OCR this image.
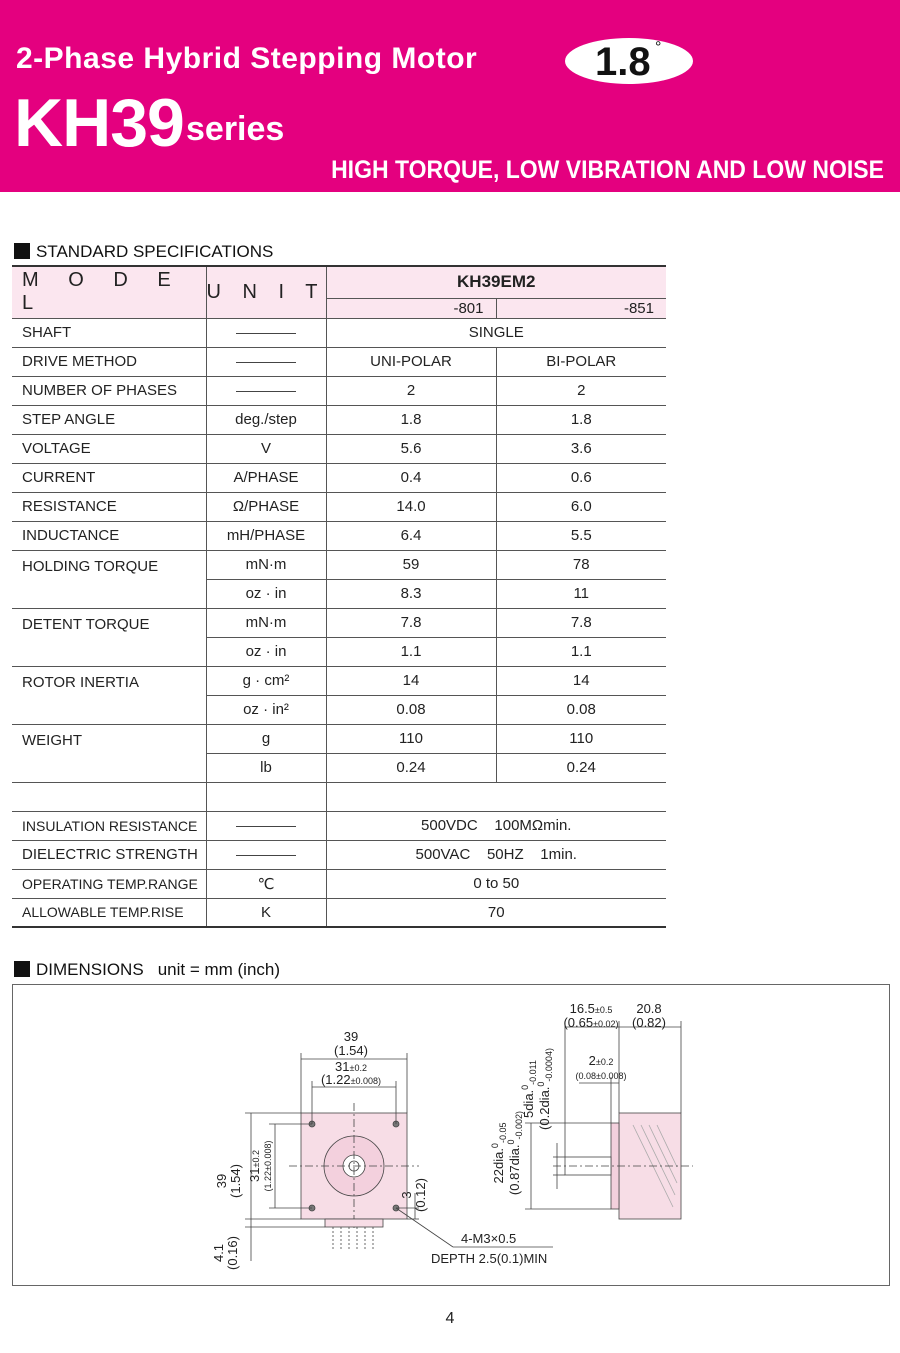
2-Phase Hybrid Stepping Motor	1.8 °
KH39 series
HIGH TORQUE, LOW VIBRATION AND LOW NOISE
STANDARD SPECIFICATIONS
M O D E L	U N I T	KH39EM2	
		-801	-851
SHAFT		SINGLE	
DRIVE METHOD		UNI-POLAR	BI-POLAR
NUMBER OF PHASES		2	2
STEP ANGLE	deg./step	1.8	1.8
VOLTAGE	V	5.6	3.6
CURRENT	A/PHASE	0.4	0.6
RESISTANCE	Ω/PHASE	14.0	6.0
INDUCTANCE	mH/PHASE	6.4	5.5
HOLDING TORQUE	mN·m	59	78
	oz · in	8.3	11
DETENT TORQUE	mN·m	7.8	7.8
	oz · in	1.1	1.1
ROTOR INERTIA	g · cm²	14	14
	oz · in²	0.08	0.08
WEIGHT	g	110	110
	lb	0.24	0.24

INSULATION RESISTANCE		500VDC    100MΩmin.	
DIELECTRIC STRENGTH		500VAC    50HZ    1min.	
OPERATING TEMP.RANGE	℃	0 to 50	
ALLOWABLE TEMP.RISE	K	70	
DIMENSIONS unit = mm (inch)
39
(1.54)
31±0.2
(1.22±0.008)
39 (1.54) 31±0.2 (1.22±0.008)
4.1 (0.16)
3 (0.12)
4-M3×0.5
DEPTH 2.5(0.1)MIN
16.5±0.5
(0.65±0.02)
20.8
(0.82)
2±0.2
(0.08±0.008)
5dia.$^0_{-0.011}$
(0.2dia.$^0_{-0.0004)}$
22dia.$^0_{-0.05}$
(0.87dia.$^0_{-0.002)}$
4
